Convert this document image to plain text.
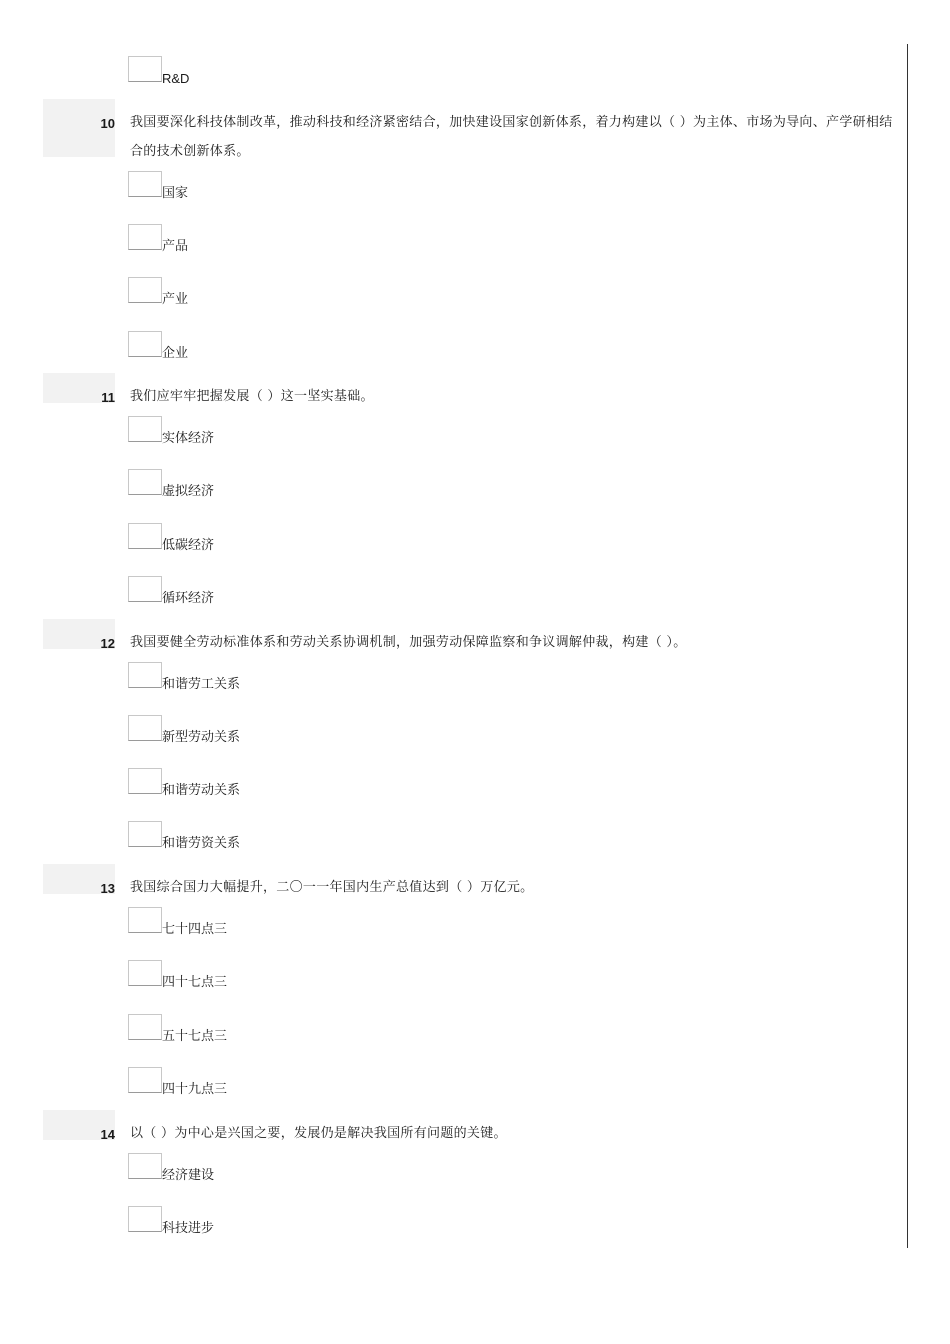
R&D
10 我国要深化科技体制改革，推动科技和经济紧密结合，加快建设国家创新体系，着力构建以（ ）为主体、市场为导向、产学研相结合的技术创新体系。
国家
产品
产业
企业
11 我们应牢牢把握发展（ ）这一坚实基础。
实体经济
虚拟经济
低碳经济
循环经济
12 我国要健全劳动标准体系和劳动关系协调机制，加强劳动保障监察和争议调解仲裁，构建（ ）。
和谐劳工关系
新型劳动关系
和谐劳动关系
和谐劳资关系
13 我国综合国力大幅提升，二〇一一年国内生产总值达到（ ）万亿元。
七十四点三
四十七点三
五十七点三
四十九点三
14 以（ ）为中心是兴国之要，发展仍是解决我国所有问题的关键。
经济建设
科技进步
